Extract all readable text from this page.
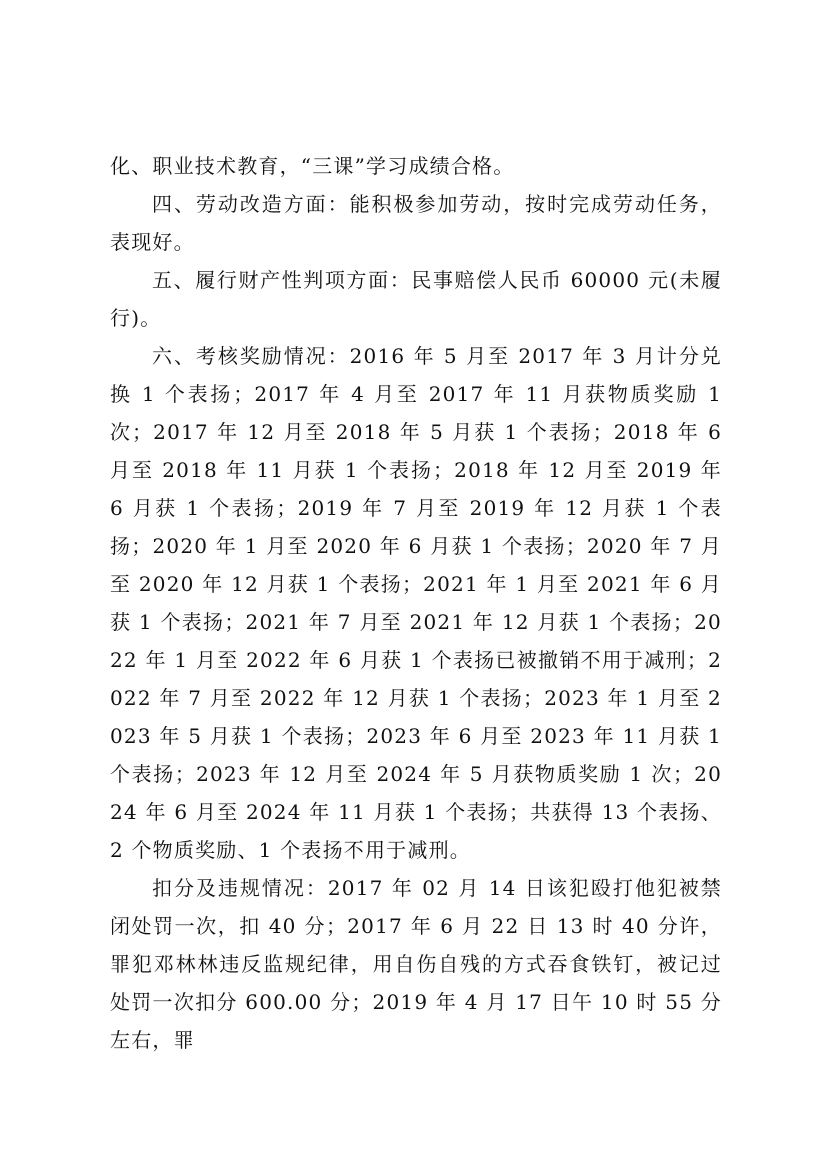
化、职业技术教育，“三课”学习成绩合格。

四、劳动改造方面：能积极参加劳动，按时完成劳动任务，表现好。

五、履行财产性判项方面：民事赔偿人民币 60000 元(未履行)。

六、考核奖励情况：2016 年 5 月至 2017 年 3 月计分兑换 1 个表扬；2017 年 4 月至 2017 年 11 月获物质奖励 1 次；2017 年 12 月至 2018 年 5 月获 1 个表扬；2018 年 6 月至 2018 年 11 月获 1 个表扬；2018 年 12 月至 2019 年 6 月获 1 个表扬；2019 年 7 月至 2019 年 12 月获 1 个表扬；2020 年 1 月至 2020 年 6 月获 1 个表扬；2020 年 7 月至 2020 年 12 月获 1 个表扬；2021 年 1 月至 2021 年 6 月获 1 个表扬；2021 年 7 月至 2021 年 12 月获 1 个表扬；2022 年 1 月至 2022 年 6 月获 1 个表扬已被撤销不用于减刑；2022 年 7 月至 2022 年 12 月获 1 个表扬；2023 年 1 月至 2023 年 5 月获 1 个表扬；2023 年 6 月至 2023 年 11 月获 1 个表扬；2023 年 12 月至 2024 年 5 月获物质奖励 1 次；2024 年 6 月至 2024 年 11 月获 1 个表扬；共获得 13 个表扬、2 个物质奖励、1 个表扬不用于减刑。

扣分及违规情况：2017 年 02 月 14 日该犯殴打他犯被禁闭处罚一次，扣 40 分；2017 年 6 月 22 日 13 时 40 分许，罪犯邓林林违反监规纪律，用自伤自残的方式吞食铁钉，被记过处罚一次扣分 600.00 分；2019 年 4 月 17 日午 10 时 55 分左右，罪
